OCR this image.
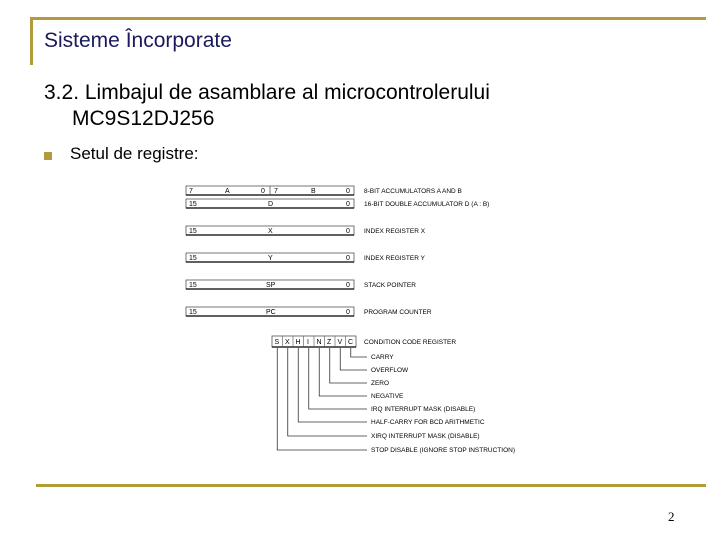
Sisteme Încorporate
3.2. Limbajul de asamblare al microcontrolerului
MC9S12DJ256
Setul de registre:
7	A	0 7	B	0 8-BIT ACCUMULATORS A AND B
15	D	0 16-BIT DOUBLE ACCUMULATOR D (A : B)
15	X	0 INDEX REGISTER X
15	Y	0 INDEX REGISTER Y
15	SP	0 STACK POINTER
15	PC	0 PROGRAM COUNTER
S X H I N Z V C CONDITION CODE REGISTER
CARRY
OVERFLOW
ZERO
NEGATIVE
IRQ INTERRUPT MASK (DISABLE)
HALF-CARRY FOR BCD ARITHMETIC
XIRQ INTERRUPT MASK (DISABLE)
STOP DISABLE (IGNORE STOP INSTRUCTION)
2
